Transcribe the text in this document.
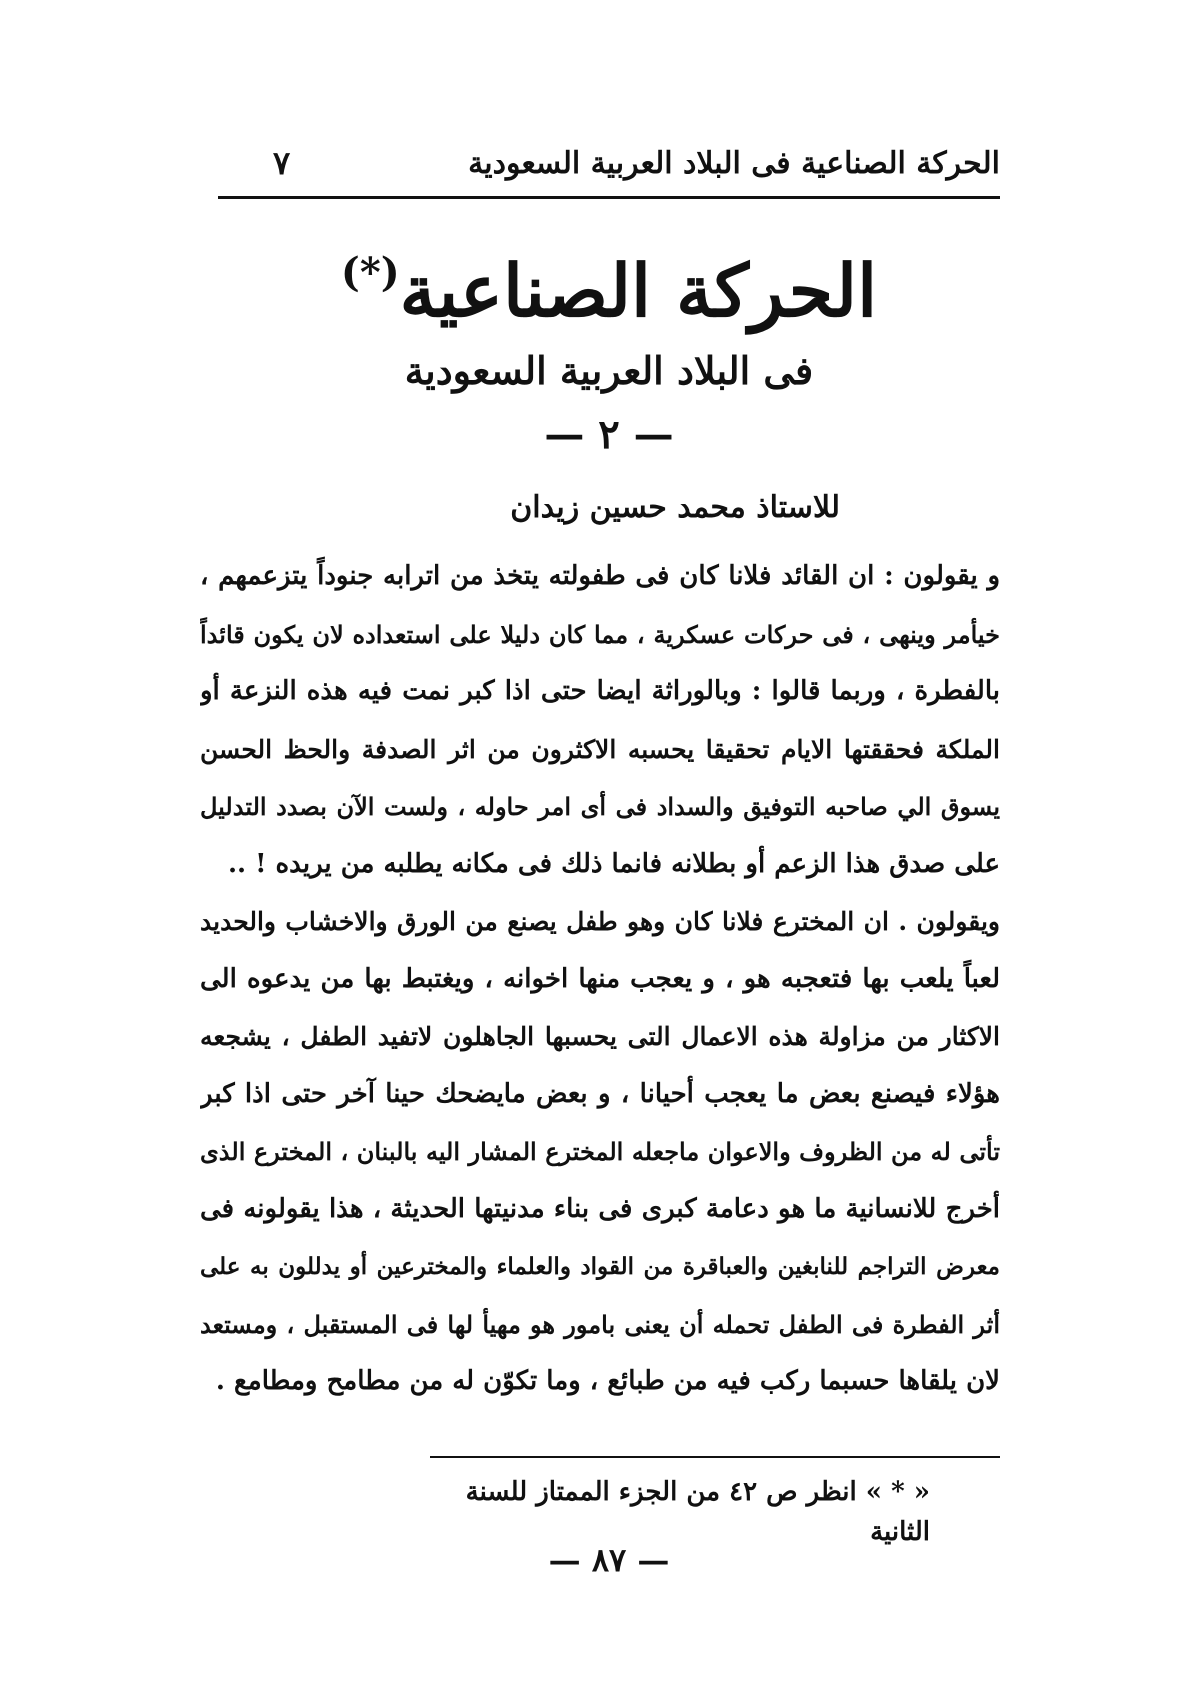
الحركة الصناعية فى البلاد العربية السعودية
٧
الحركة الصناعية(*)
فى البلاد العربية السعودية
— ٢ —
للاستاذ محمد حسين زيدان
و يقولون : ان القائد فلانا كان فى طفولته يتخذ من اترابه جنوداً يتزعمهم ،
خيأمر وينهى ، فى حركات عسكرية ، مما كان دليلا على استعداده لان يكون قائداً
بالفطرة ، وربما قالوا : وبالوراثة ايضا حتى اذا كبر نمت فيه هذه النزعة أو
الملكة فحققتها الايام تحقيقا يحسبه الاكثرون من اثر الصدفة والحظ الحسن
يسوق الي صاحبه التوفيق والسداد فى أى امر حاوله ، ولست الآن بصدد التدليل
على صدق هذا الزعم أو بطلانه فانما ذلك فى مكانه يطلبه من يريده ! ..
ويقولون . ان المخترع فلانا كان وهو طفل يصنع من الورق والاخشاب والحديد
لعباً يلعب بها فتعجبه هو ، و يعجب منها اخوانه ، ويغتبط بها من يدعوه الى
الاكثار من مزاولة هذه الاعمال التى يحسبها الجاهلون لاتفيد الطفل ، يشجعه
هؤلاء فيصنع بعض ما يعجب أحيانا ، و بعض مايضحك حينا آخر حتى اذا كبر
تأتى له من الظروف والاعوان ماجعله المخترع المشار اليه بالبنان ، المخترع الذى
أخرج للانسانية ما هو دعامة كبرى فى بناء مدنيتها الحديثة ، هذا يقولونه فى
معرض التراجم للنابغين والعباقرة من القواد والعلماء والمخترعين أو يدللون به على
أثر الفطرة فى الطفل تحمله أن يعنى بامور هو مهيأ لها فى المستقبل ، ومستعد
لان يلقاها حسبما ركب فيه من طبائع ، وما تكوّن له من مطامح ومطامع .
« * » انظر ص ٤٢ من الجزء الممتاز للسنة الثانية
— ٨٧ —
